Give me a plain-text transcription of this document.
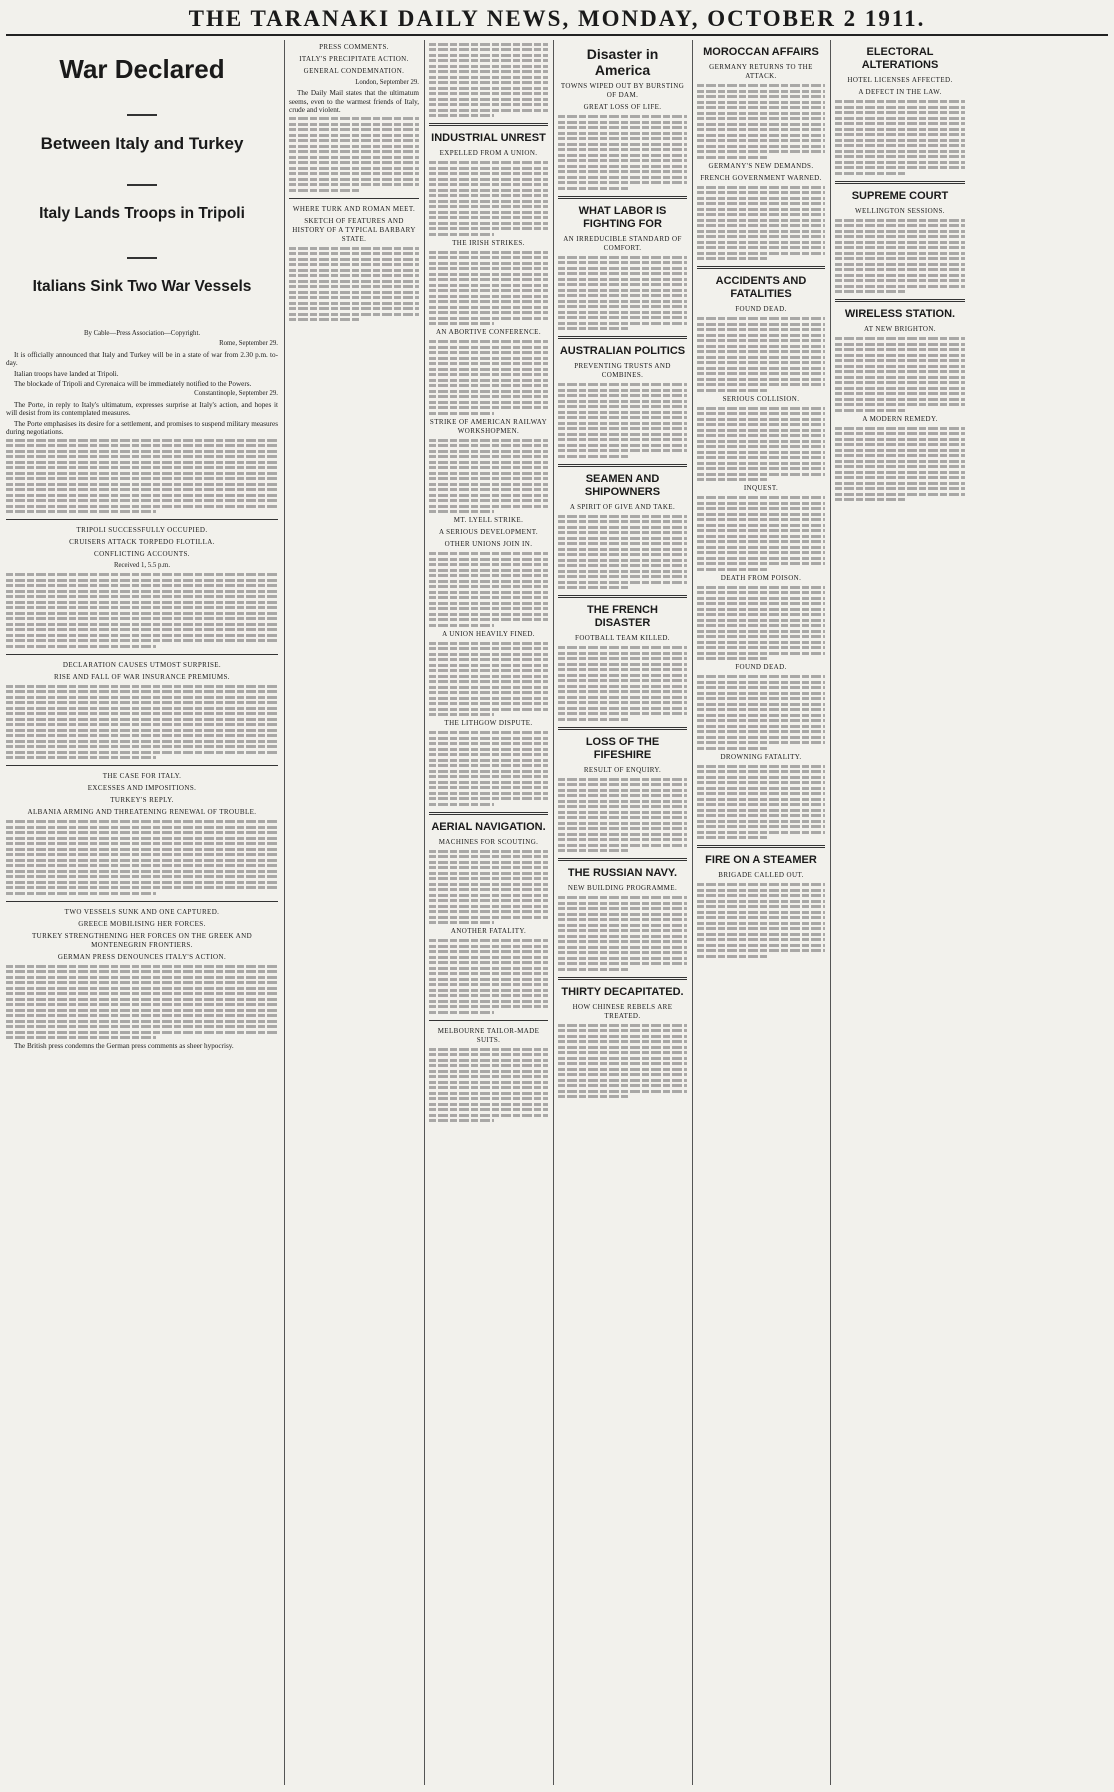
THE TARANAKI DAILY NEWS, MONDAY, OCTOBER 2 1911.
War Declared
Between Italy and Turkey
Italy Lands Troops in Tripoli
Italians Sink Two War Vessels
By Cable—Press Association—Copyright.
Rome, September 29.

It is officially announced that Italy and Turkey will be in a state of war from 2.30 p.m. to-day.

Italian troops have landed at Tripoli.

The blockade of Tripoli and Cyrenaica will be immediately notified to the Powers.

Constantinople, September 29.

The Porte, in reply to Italy's ultimatum, expresses surprise at Italy's action, and hopes it will desist from its contemplated measures.

The Porte emphasises its desire for a settlement, and promises to suspend military measures during negotiations.

TRIPOLI SUCCESSFULLY OCCUPIED.
CRUISERS ATTACK TORPEDO FLOTILLA.
CONFLICTING ACCOUNTS.
Received 1, 5.5 p.m.
DECLARATION CAUSES UTMOST SURPRISE.
RISE AND FALL OF WAR INSURANCE PREMIUMS.
THE CASE FOR ITALY.
EXCESSES AND IMPOSITIONS.
TURKEY'S REPLY.
ALBANIA ARMING AND THREATENING RENEWAL OF TROUBLE.
TWO VESSELS SUNK AND ONE CAPTURED.
GREECE MOBILISING HER FORCES.
TURKEY STRENGTHENING HER FORCES ON THE GREEK AND MONTENEGRIN FRONTIERS.
GERMAN PRESS DENOUNCES ITALY'S ACTION.

The British press condemns the German press comments as sheer hypocrisy.

PRESS COMMENTS.
ITALY'S PRECIPITATE ACTION.
GENERAL CONDEMNATION.
London, September 29.

The Daily Mail states that the ultimatum seems, even to the warmest friends of Italy, crude and violent.

WHERE TURK AND ROMAN MEET.
SKETCH OF FEATURES AND HISTORY OF A TYPICAL BARBARY STATE.
INDUSTRIAL UNREST
EXPELLED FROM A UNION.
THE IRISH STRIKES.
AN ABORTIVE CONFERENCE.
STRIKE OF AMERICAN RAILWAY WORKSHOPMEN.
MT. LYELL STRIKE.
A SERIOUS DEVELOPMENT.
OTHER UNIONS JOIN IN.
A UNION HEAVILY FINED.
THE LITHGOW DISPUTE.
AERIAL NAVIGATION.
MACHINES FOR SCOUTING.
ANOTHER FATALITY.
MELBOURNE TAILOR-MADE SUITS.
Disaster in America
TOWNS WIPED OUT BY BURSTING OF DAM.
GREAT LOSS OF LIFE.
WHAT LABOR IS FIGHTING FOR
AN IRREDUCIBLE STANDARD OF COMFORT.
AUSTRALIAN POLITICS
PREVENTING TRUSTS AND COMBINES.
SEAMEN AND SHIPOWNERS
A SPIRIT OF GIVE AND TAKE.
THE FRENCH DISASTER
FOOTBALL TEAM KILLED.
LOSS OF THE FIFESHIRE
RESULT OF ENQUIRY.
THE RUSSIAN NAVY.
NEW BUILDING PROGRAMME.
THIRTY DECAPITATED.
HOW CHINESE REBELS ARE TREATED.
MOROCCAN AFFAIRS
GERMANY RETURNS TO THE ATTACK.
GERMANY'S NEW DEMANDS.
FRENCH GOVERNMENT WARNED.
ACCIDENTS AND FATALITIES
FOUND DEAD.
SERIOUS COLLISION.
INQUEST.
DEATH FROM POISON.
FOUND DEAD.
DROWNING FATALITY.
FIRE ON A STEAMER
BRIGADE CALLED OUT.
ELECTORAL ALTERATIONS
HOTEL LICENSES AFFECTED.
A DEFECT IN THE LAW.
SUPREME COURT
WELLINGTON SESSIONS.
WIRELESS STATION.
AT NEW BRIGHTON.
A MODERN REMEDY.
